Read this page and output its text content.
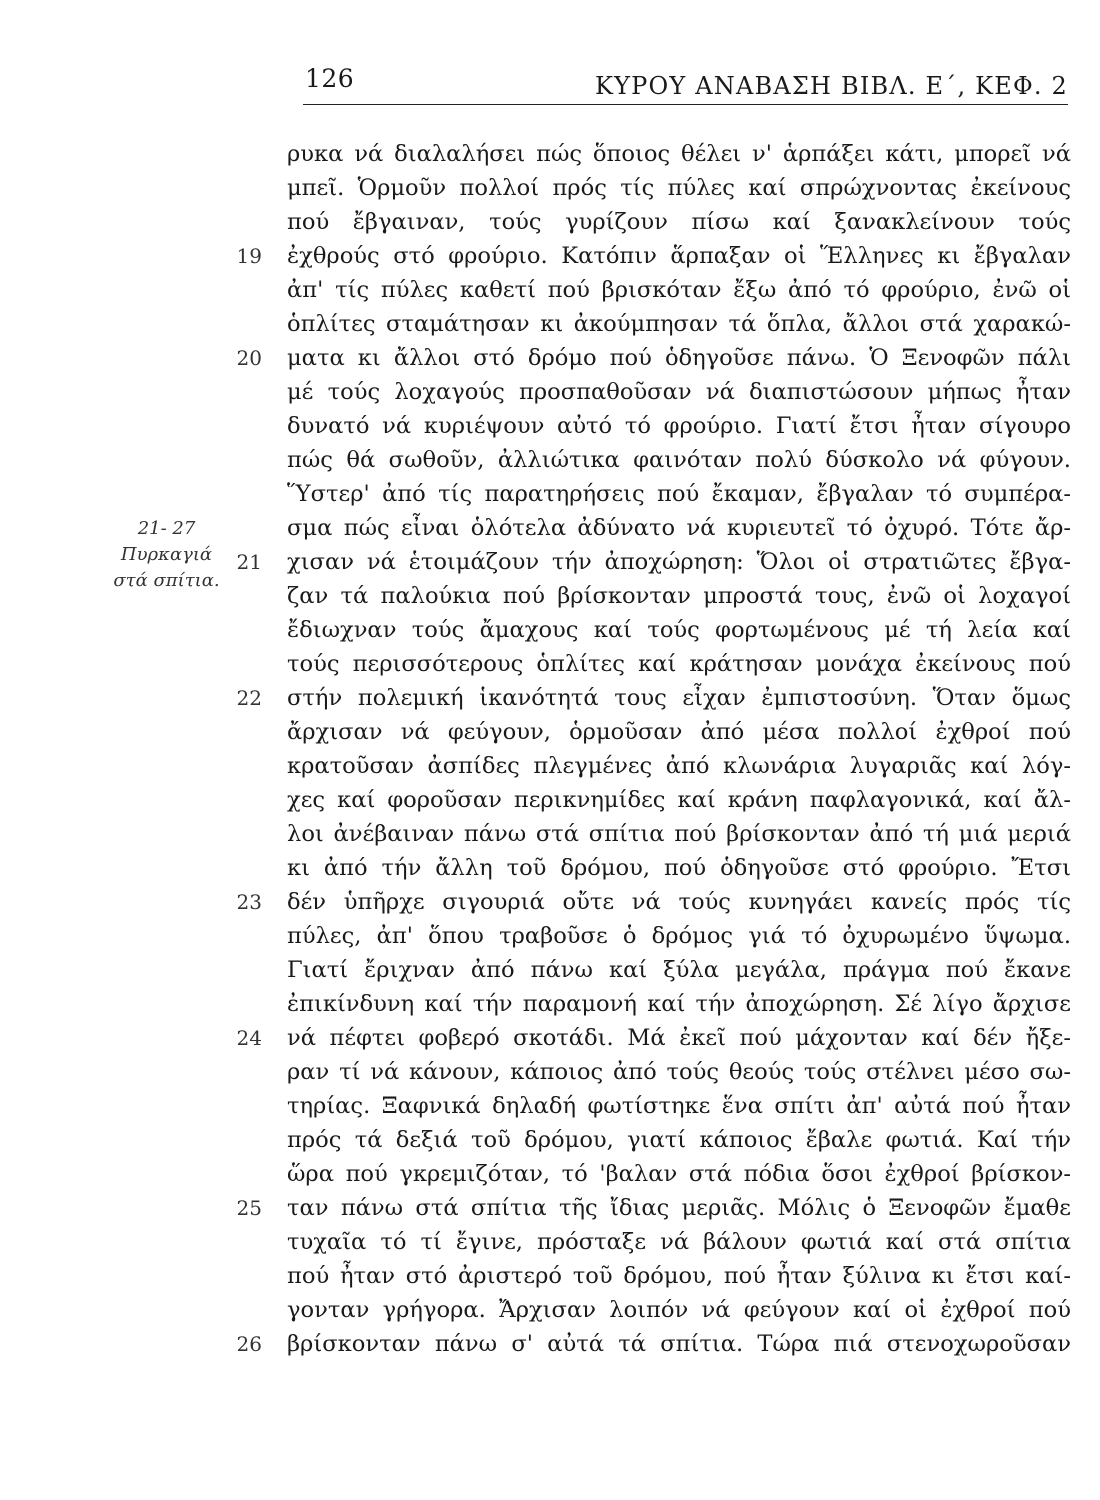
126	ΚΥΡΟΥ ΑΝΑΒΑΣΗ ΒΙΒΛ. Ε΄, ΚΕΦ. 2
21- 27
Πυρκαγιά
στά σπίτια.
ρυκα νά διαλαλήσει πώς ὅποιος θέλει ν' ἁρπάξει κάτι, μπορεῖ νά
μπεῖ. Ὁρμοῦν πολλοί πρός τίς πύλες καί σπρώχνοντας ἐκείνους
πού ἔβγαιναν, τούς γυρίζουν πίσω καί ξανακλείνουν τούς
ἐχθρούς στό φρούριο. Κατόπιν ἅρπαξαν οἱ Ἕλληνες κι ἔβγαλαν
ἀπ' τίς πύλες καθετί πού βρισκόταν ἔξω ἀπό τό φρούριο, ἐνῶ οἱ
ὁπλίτες σταμάτησαν κι ἀκούμπησαν τά ὅπλα, ἄλλοι στά χαρακώ-
ματα κι ἄλλοι στό δρόμο πού ὁδηγοῦσε πάνω. Ὁ Ξενοφῶν πάλι
μέ τούς λοχαγούς προσπαθοῦσαν νά διαπιστώσουν μήπως ἦταν
δυνατό νά κυριέψουν αὐτό τό φρούριο. Γιατί ἔτσι ἦταν σίγουρο
πώς θά σωθοῦν, ἀλλιώτικα φαινόταν πολύ δύσκολο νά φύγουν.
Ὕστερ' ἀπό τίς παρατηρήσεις πού ἔκαμαν, ἔβγαλαν τό συμπέρα-
σμα πώς εἶναι ὁλότελα ἀδύνατο νά κυριευτεῖ τό ὀχυρό. Τότε ἄρ-
χισαν νά ἑτοιμάζουν τήν ἀποχώρηση: Ὅλοι οἱ στρατιῶτες ἔβγα-
ζαν τά παλούκια πού βρίσκονταν μπροστά τους, ἐνῶ οἱ λοχαγοί
ἔδιωχναν τούς ἄμαχους καί τούς φορτωμένους μέ τή λεία καί
τούς περισσότερους ὁπλίτες καί κράτησαν μονάχα ἐκείνους πού
στήν πολεμική ἱκανότητά τους εἶχαν ἐμπιστοσύνη. Ὅταν ὅμως
ἄρχισαν νά φεύγουν, ὁρμοῦσαν ἀπό μέσα πολλοί ἐχθροί πού
κρατοῦσαν ἀσπίδες πλεγμένες ἀπό κλωνάρια λυγαριᾶς καί λόγ-
χες καί φοροῦσαν περικνημίδες καί κράνη παφλαγονικά, καί ἄλ-
λοι ἀνέβαιναν πάνω στά σπίτια πού βρίσκονταν ἀπό τή μιά μεριά
κι ἀπό τήν ἄλλη τοῦ δρόμου, πού ὁδηγοῦσε στό φρούριο. Ἔτσι
δέν ὑπῆρχε σιγουριά οὔτε νά τούς κυνηγάει κανείς πρός τίς
πύλες, ἀπ' ὅπου τραβοῦσε ὁ δρόμος γιά τό ὀχυρωμένο ὕψωμα.
Γιατί ἔριχναν ἀπό πάνω καί ξύλα μεγάλα, πράγμα πού ἔκανε
ἐπικίνδυνη καί τήν παραμονή καί τήν ἀποχώρηση. Σέ λίγο ἄρχισε
νά πέφτει φοβερό σκοτάδι. Μά ἐκεῖ πού μάχονταν καί δέν ἤξε-
ραν τί νά κάνουν, κάποιος ἀπό τούς θεούς τούς στέλνει μέσο σω-
τηρίας. Ξαφνικά δηλαδή φωτίστηκε ἕνα σπίτι ἀπ' αὐτά πού ἦταν
πρός τά δεξιά τοῦ δρόμου, γιατί κάποιος ἔβαλε φωτιά. Καί τήν
ὥρα πού γκρεμιζόταν, τό 'βαλαν στά πόδια ὅσοι ἐχθροί βρίσκον-
ταν πάνω στά σπίτια τῆς ἴδιας μεριᾶς. Μόλις ὁ Ξενοφῶν ἔμαθε
τυχαῖα τό τί ἔγινε, πρόσταξε νά βάλουν φωτιά καί στά σπίτια
πού ἦταν στό ἀριστερό τοῦ δρόμου, πού ἦταν ξύλινα κι ἔτσι καί-
γονταν γρήγορα. Ἄρχισαν λοιπόν νά φεύγουν καί οἱ ἐχθροί πού
βρίσκονταν πάνω σ' αὐτά τά σπίτια. Τώρα πιά στενοχωροῦσαν
19
20
21
22
23
24
25
26
